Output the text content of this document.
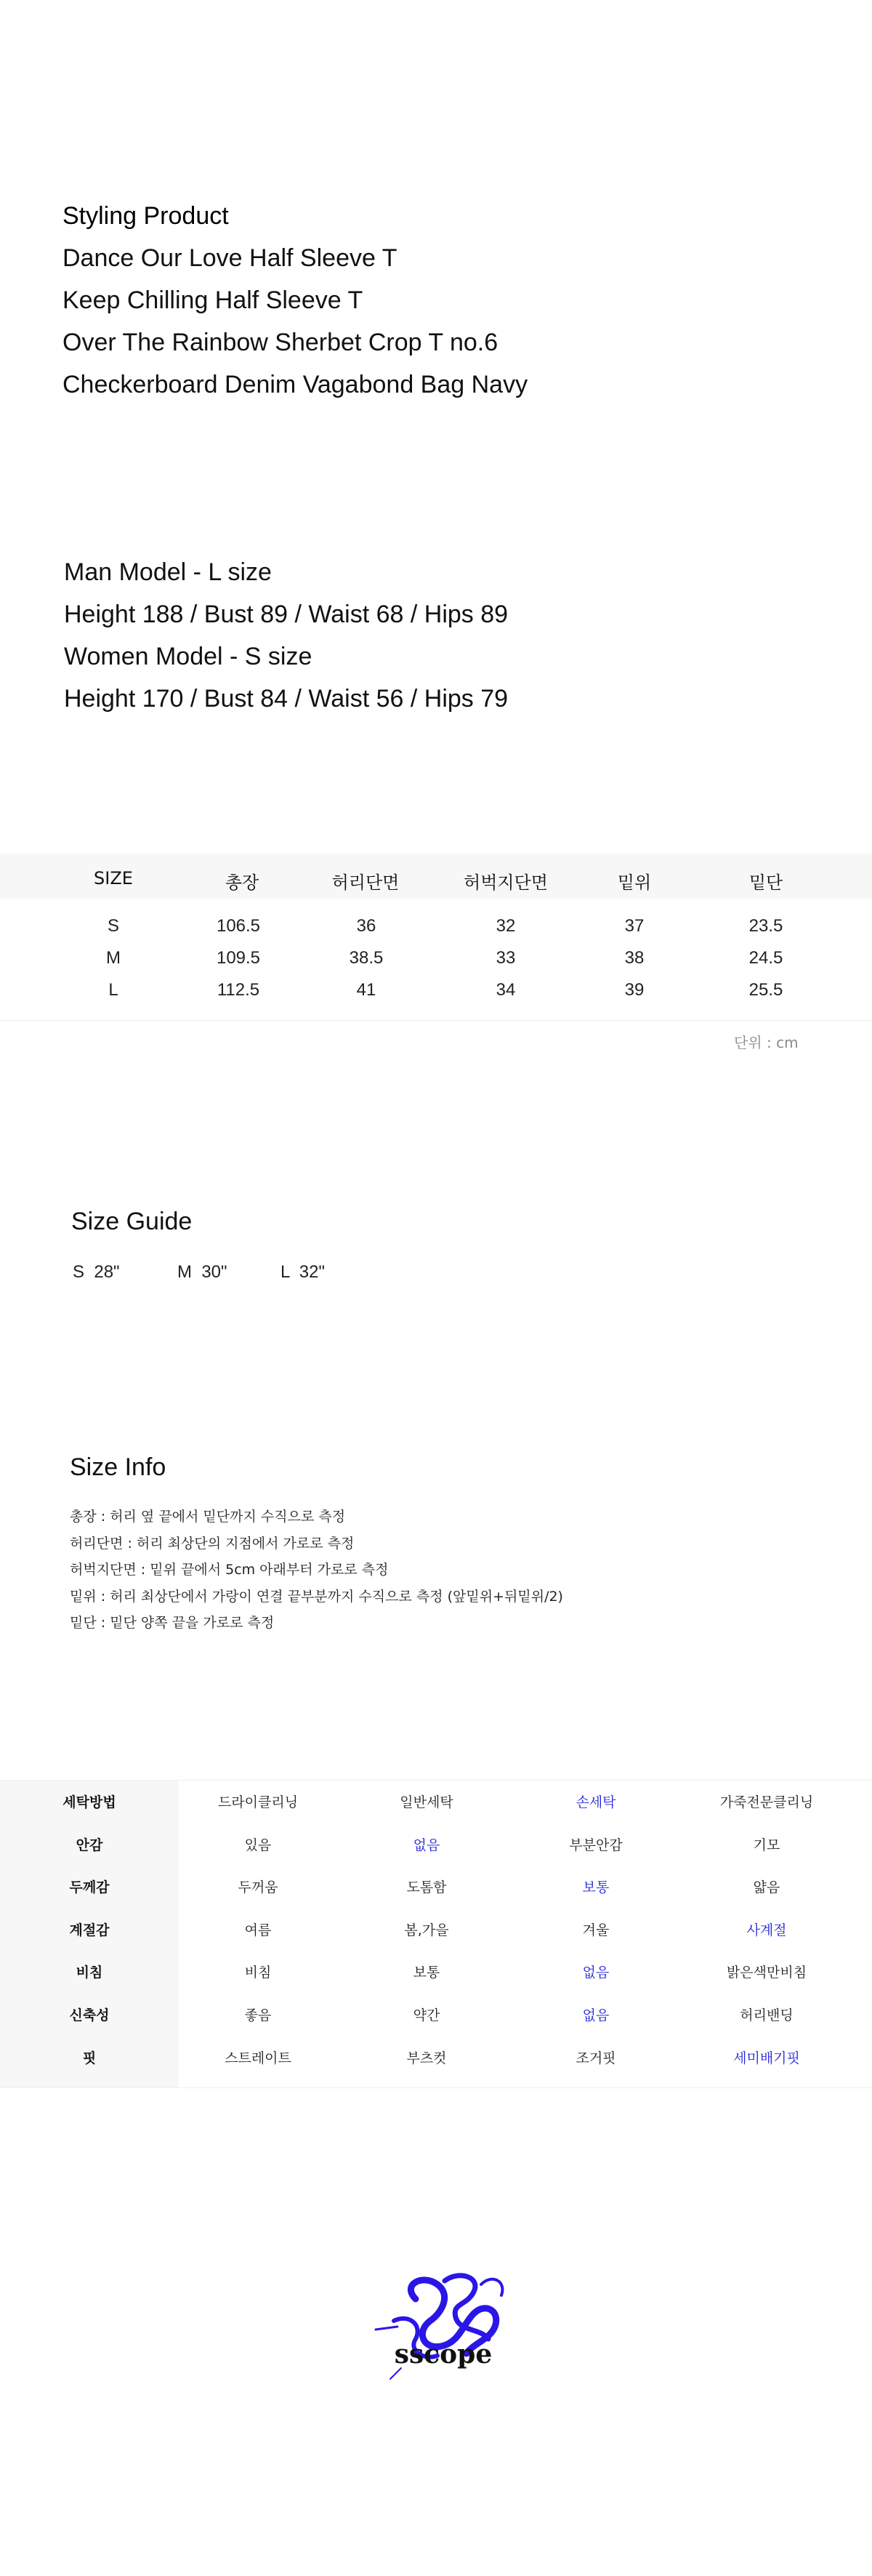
Styling Product
Dance Our Love Half Sleeve T
Keep Chilling Half Sleeve T
Over The Rainbow Sherbet Crop T no.6
Checkerboard Denim Vagabond Bag Navy
Man Model - L size
Height 188 / Bust 89 / Waist 68 / Hips 89
Women Model - S size
Height 170 / Bust 84 / Waist 56 / Hips 79
SIZE	총장	허리단면	허벅지단면	밑위	밑단
S	106.5	36	32	37	23.5
M	109.5	38.5	33	38	24.5
L	112.5	41	34	39	25.5
단위 : cm
Size Guide
S  28"	M  30"	L  32"
Size Info
총장 : 허리 옆 끝에서 밑단까지 수직으로 측정
허리단면 : 허리 최상단의 지점에서 가로로 측정
허벅지단면 : 밑위 끝에서 5cm 아래부터 가로로 측정
밑위 : 허리 최상단에서 가랑이 연결 끝부분까지 수직으로 측정 (앞밑위+뒤밑위/2)
밑단 : 밑단 양쪽 끝을 가로로 측정
세탁방법	드라이클리닝	일반세탁	손세탁	가죽전문클리닝
안감	있음	없음	부분안감	기모
두께감	두꺼움	도톰함	보통	얇음
계절감	여름	봄,가을	겨울	사계절
비침	비침	보통	없음	밝은색만비침
신축성	좋음	약간	없음	허리밴딩
핏	스트레이트	부츠컷	조거핏	세미배기핏
sscope
